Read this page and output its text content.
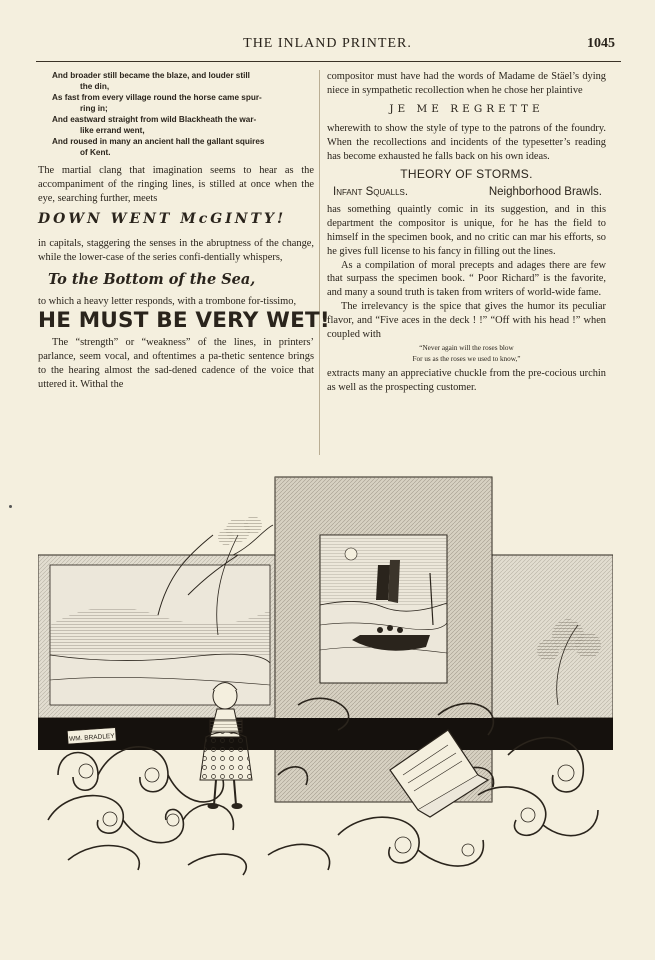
THE INLAND PRINTER.	1045
And broader still became the blaze, and louder still
the din,
As fast from every village round the horse came spur-
ring in;
And eastward straight from wild Blackheath the war-
like errand went,
And roused in many an ancient hall the gallant squires
of Kent.

The martial clang that imagination seems to hear as the accompaniment of the ringing lines, is stilled at once when the eye, searching further, meets

DOWN WENT McGINTY!

in capitals, staggering the senses in the abruptness of the change, while the lower-case of the series confi-dentially whispers,

To the Bottom of the Sea,

to which a heavy letter responds, with a trombone for-tissimo,

HE MUST BE VERY WET!

The “strength” or “weakness” of the lines, in printers’ parlance, seem vocal, and oftentimes a pa-thetic sentence brings to the hearing almost the sad-dened cadence of the voice that uttered it. Withal the

compositor must have had the words of Madame de Stäel’s dying niece in sympathetic recollection when he chose her plaintive

JE ME REGRETTE

wherewith to show the style of type to the patrons of the foundry. When the recollections and incidents of the typesetter’s reading has become exhausted he falls back on his own ideas.

THEORY OF STORMS.
Infant Squalls.	Neighborhood Brawls.

has something quaintly comic in its suggestion, and in this department the compositor is unique, for he has the field to himself in the specimen book, and no critic can mar his efforts, so he gives full license to his fancy in filling out the lines.

As a compilation of moral precepts and adages there are few that surpass the specimen book. “ Poor Richard” is the favorite, and many a sound truth is taken from writers of world-wide fame.

The irrelevancy is the spice that gives the humor its peculiar flavor, and “Five aces in the deck ! !” “Off with his head !” when coupled with

“Never again will the roses blow
For us as the roses we used to know,”

extracts many an appreciative chuckle from the pre-cocious urchin as well as the prospecting customer.

WM. BRADLEY
